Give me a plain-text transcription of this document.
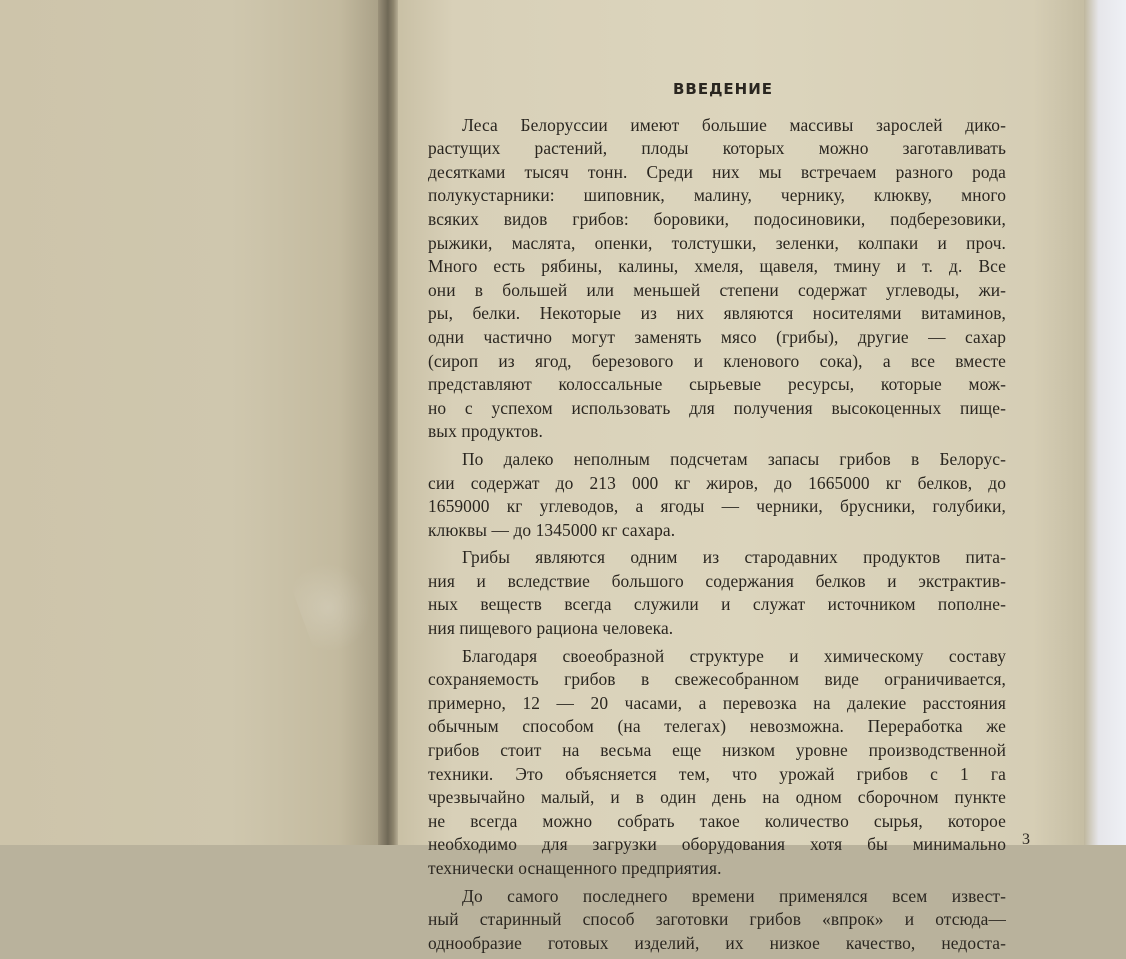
ВВЕДЕНИЕ
Леса Белоруссии имеют большие массивы зарослей дико-
растущих растений, плоды которых можно заготавливать
десятками тысяч тонн. Среди них мы встречаем разного рода
полукустарники: шиповник, малину, чернику, клюкву, много
всяких видов грибов: боровики, подосиновики, подберезовики,
рыжики, маслята, опенки, толстушки, зеленки, колпаки и проч.
Много есть рябины, калины, хмеля, щавеля, тмину и т. д. Все
они в большей или меньшей степени содержат углеводы, жи-
ры, белки. Некоторые из них являются носителями витаминов,
одни частично могут заменять мясо (грибы), другие — сахар
(сироп из ягод, березового и кленового сока), а все вместе
представляют колоссальные сырьевые ресурсы, которые мож-
но с успехом использовать для получения высокоценных пище-
вых продуктов.
По далеко неполным подсчетам запасы грибов в Белорус-
сии содержат до 213 000 кг жиров, до 1665000 кг белков, до
1659000 кг углеводов, а ягоды — черники, брусники, голубики,
клюквы — до 1345000 кг сахара.
Грибы являются одним из стародавних продуктов пита-
ния и вследствие большого содержания белков и экстрактив-
ных веществ всегда служили и служат источником пополне-
ния пищевого рациона человека.
Благодаря своеобразной структуре и химическому составу
сохраняемость грибов в свежесобранном виде ограничивается,
примерно, 12 — 20 часами, а перевозка на далекие расстояния
обычным способом (на телегах) невозможна. Переработка же
грибов стоит на весьма еще низком уровне производственной
техники. Это объясняется тем, что урожай грибов с 1 га
чрезвычайно малый, и в один день на одном сборочном пункте
не всегда можно собрать такое количество сырья, которое
необходимо для загрузки оборудования хотя бы минимально
технически оснащенного предприятия.
До самого последнего времени применялся всем извест-
ный старинный способ заготовки грибов «впрок» и отсюда—
однообразие готовых изделий, их низкое качество, недоста-
3
